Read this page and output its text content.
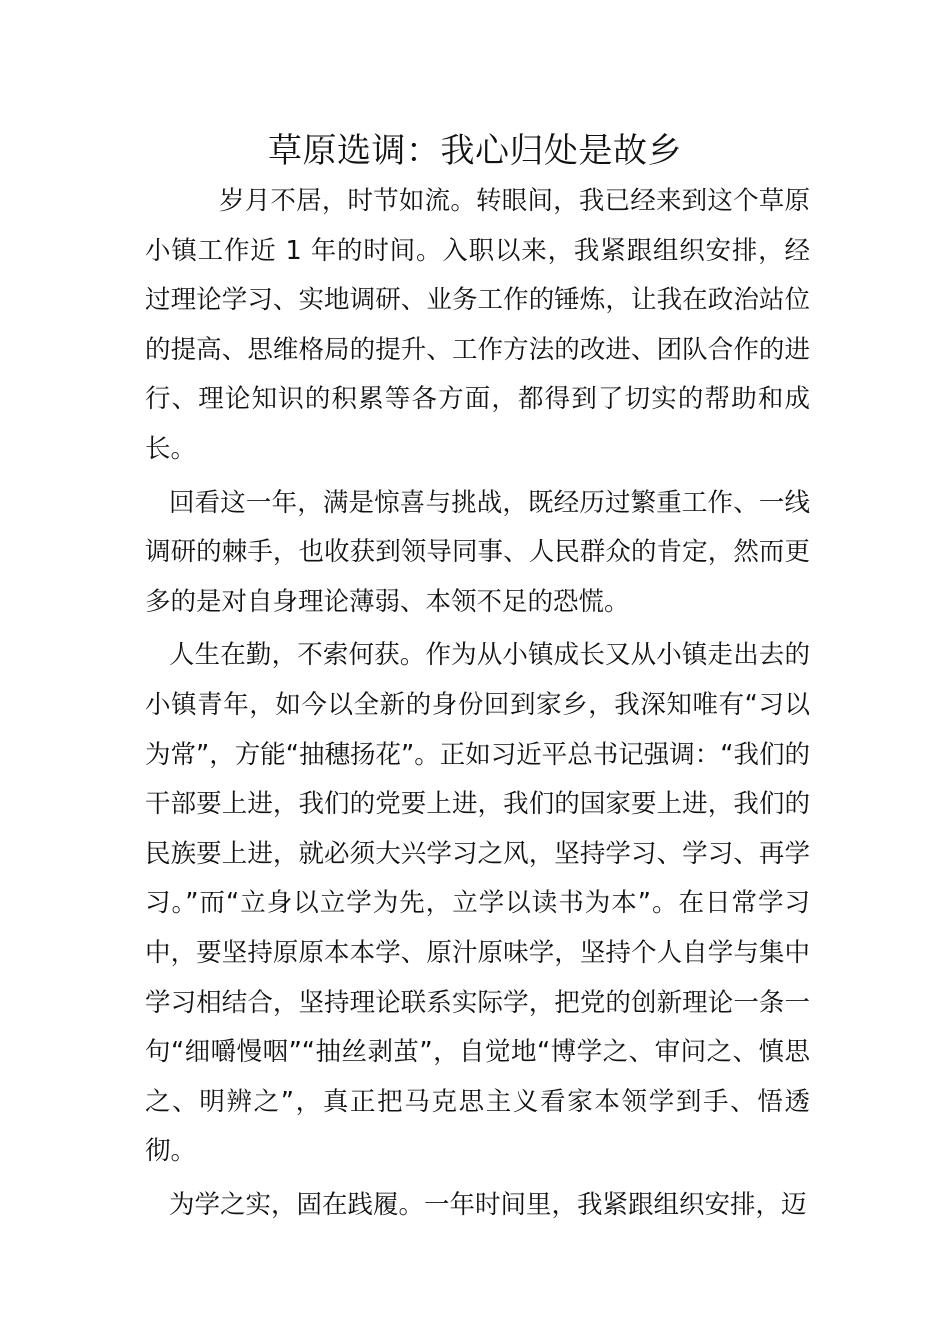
草原选调：我心归处是故乡

岁月不居，时节如流。转眼间，我已经来到这个草原小镇工作近 1 年的时间。入职以来，我紧跟组织安排，经过理论学习、实地调研、业务工作的锤炼，让我在政治站位的提高、思维格局的提升、工作方法的改进、团队合作的进行、理论知识的积累等各方面，都得到了切实的帮助和成长。

回看这一年，满是惊喜与挑战，既经历过繁重工作、一线调研的棘手，也收获到领导同事、人民群众的肯定，然而更多的是对自身理论薄弱、本领不足的恐慌。

人生在勤，不索何获。作为从小镇成长又从小镇走出去的小镇青年，如今以全新的身份回到家乡，我深知唯有“习以为常”，方能“抽穗扬花”。正如习近平总书记强调：“我们的干部要上进，我们的党要上进，我们的国家要上进，我们的民族要上进，就必须大兴学习之风，坚持学习、学习、再学习。”而“立身以立学为先，立学以读书为本”。在日常学习中，要坚持原原本本学、原汁原味学，坚持个人自学与集中学习相结合，坚持理论联系实际学，把党的创新理论一条一句“细嚼慢咽”“抽丝剥茧”，自觉地“博学之、审问之、慎思之、明辨之”，真正把马克思主义看家本领学到手、悟透彻。

为学之实，固在践履。一年时间里，我紧跟组织安排，迈
